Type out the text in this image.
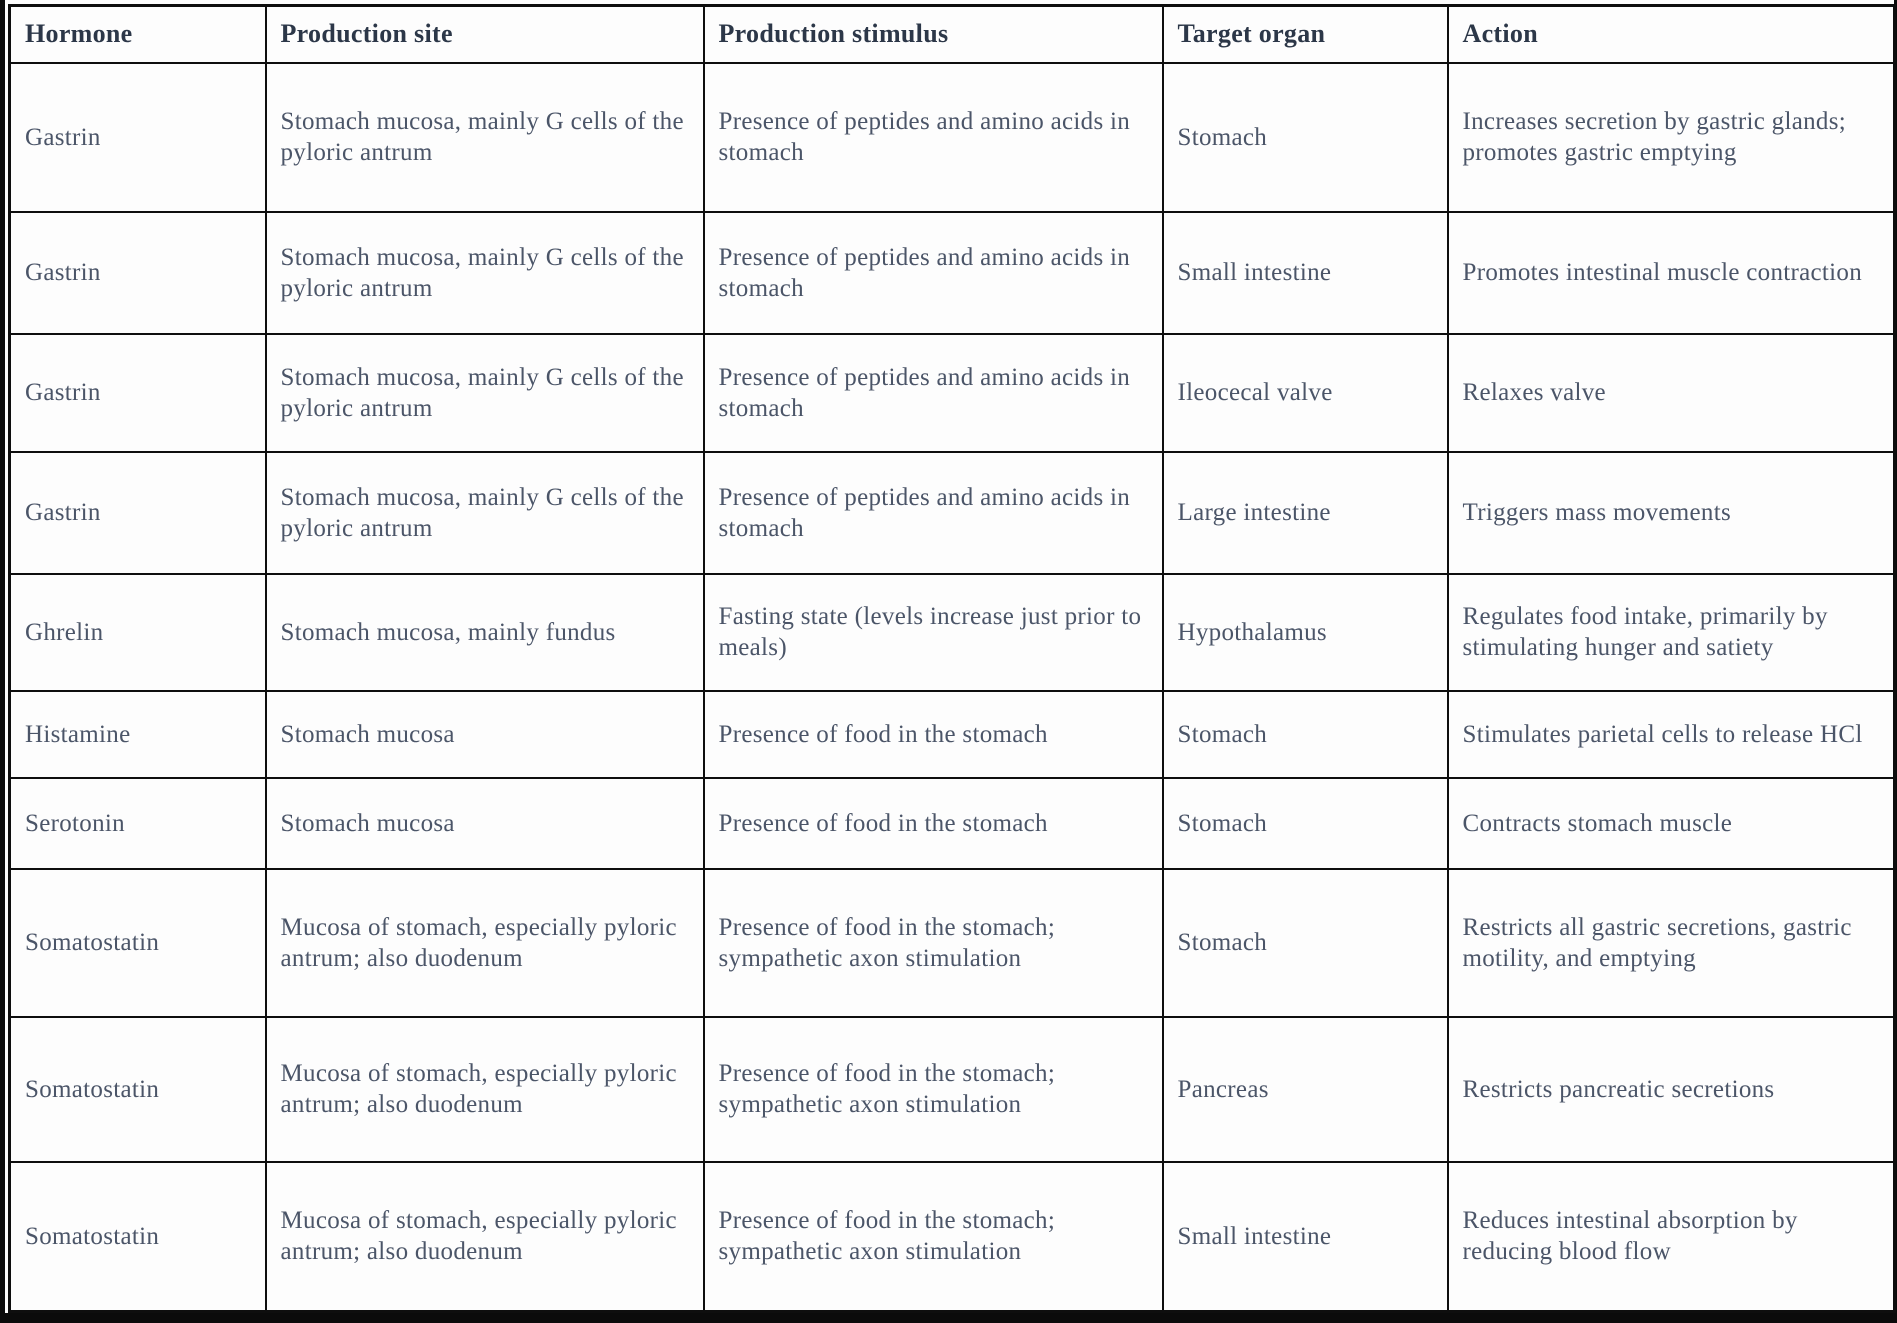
Hormone	Production site	Production stimulus	Target organ	Action
Gastrin	Stomach mucosa, mainly G cells of the pyloric antrum	Presence of peptides and amino acids in stomach	Stomach	Increases secretion by gastric glands; promotes gastric emptying
Gastrin	Stomach mucosa, mainly G cells of the pyloric antrum	Presence of peptides and amino acids in stomach	Small intestine	Promotes intestinal muscle contraction
Gastrin	Stomach mucosa, mainly G cells of the pyloric antrum	Presence of peptides and amino acids in stomach	Ileocecal valve	Relaxes valve
Gastrin	Stomach mucosa, mainly G cells of the pyloric antrum	Presence of peptides and amino acids in stomach	Large intestine	Triggers mass movements
Ghrelin	Stomach mucosa, mainly fundus	Fasting state (levels increase just prior to meals)	Hypothalamus	Regulates food intake, primarily by stimulating hunger and satiety
Histamine	Stomach mucosa	Presence of food in the stomach	Stomach	Stimulates parietal cells to release HCl
Serotonin	Stomach mucosa	Presence of food in the stomach	Stomach	Contracts stomach muscle
Somatostatin	Mucosa of stomach, especially pyloric antrum; also duodenum	Presence of food in the stomach; sympathetic axon stimulation	Stomach	Restricts all gastric secretions, gastric motility, and emptying
Somatostatin	Mucosa of stomach, especially pyloric antrum; also duodenum	Presence of food in the stomach; sympathetic axon stimulation	Pancreas	Restricts pancreatic secretions
Somatostatin	Mucosa of stomach, especially pyloric antrum; also duodenum	Presence of food in the stomach; sympathetic axon stimulation	Small intestine	Reduces intestinal absorption by reducing blood flow
